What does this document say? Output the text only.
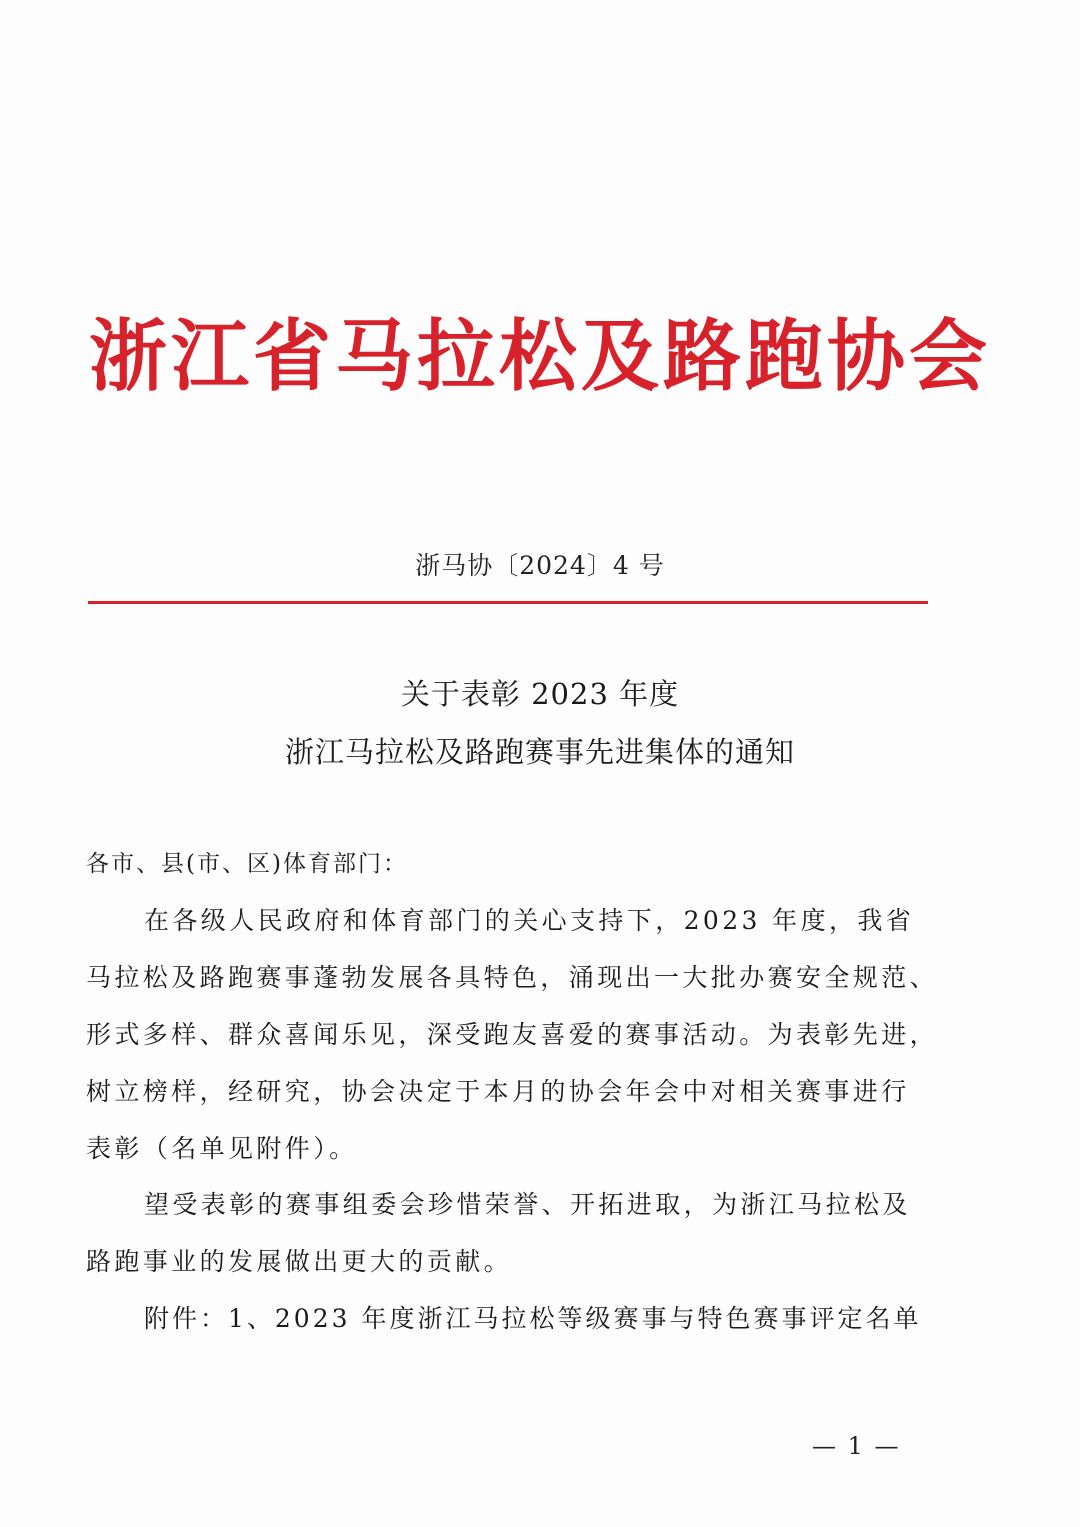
浙江省马拉松及路跑协会
浙马协〔2024〕4 号
关于表彰 2023 年度
浙江马拉松及路跑赛事先进集体的通知
各市、县(市、区)体育部门：
在各级人民政府和体育部门的关心支持下，2023 年度，我省
马拉松及路跑赛事蓬勃发展各具特色，涌现出一大批办赛安全规范、
形式多样、群众喜闻乐见，深受跑友喜爱的赛事活动。为表彰先进，
树立榜样，经研究，协会决定于本月的协会年会中对相关赛事进行
表彰（名单见附件）。
望受表彰的赛事组委会珍惜荣誉、开拓进取，为浙江马拉松及
路跑事业的发展做出更大的贡献。
附件：1、2023 年度浙江马拉松等级赛事与特色赛事评定名单
— 1 —
